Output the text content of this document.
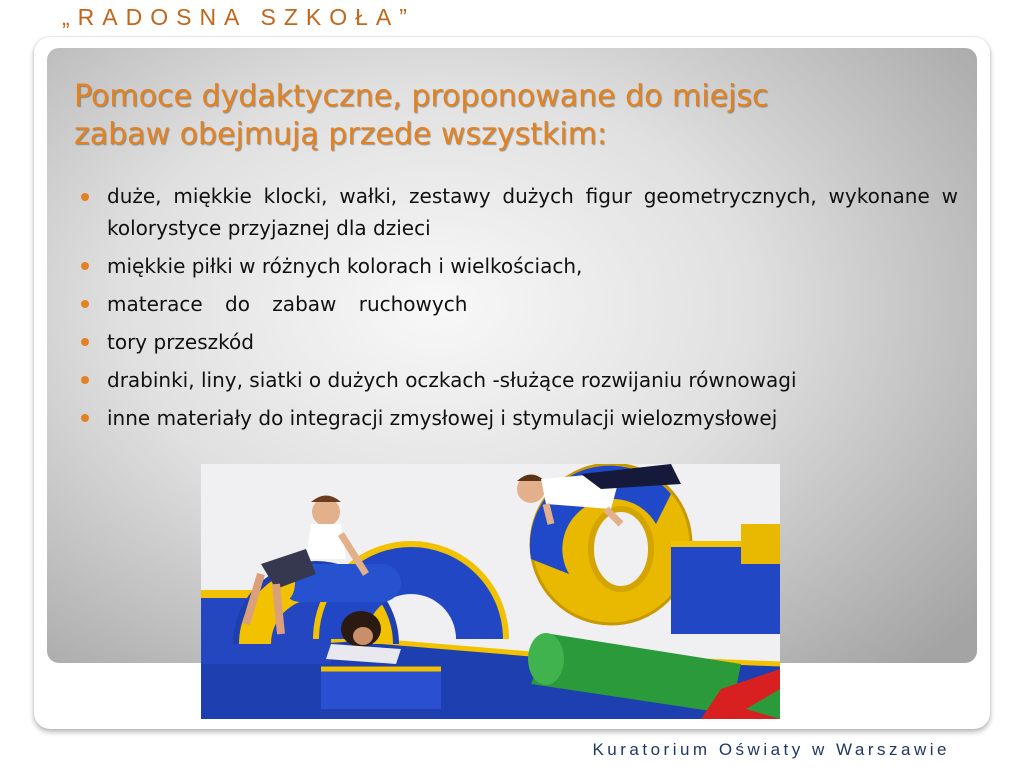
„RADOSNA SZKOŁA”
Pomoce dydaktyczne, proponowane do miejsc
zabaw obejmują przede wszystkim:
duże, miękkie klocki, wałki, zestawy dużych figur geometrycznych, wykonane w kolorystyce przyjaznej dla dzieci
miękkie piłki w różnych kolorach i wielkościach,
materace do zabaw ruchowych
tory przeszkód
drabinki, liny, siatki o dużych oczkach -służące rozwijaniu równowagi
inne materiały do integracji zmysłowej i stymulacji wielozmysłowej
Kuratorium Oświaty w Warszawie
